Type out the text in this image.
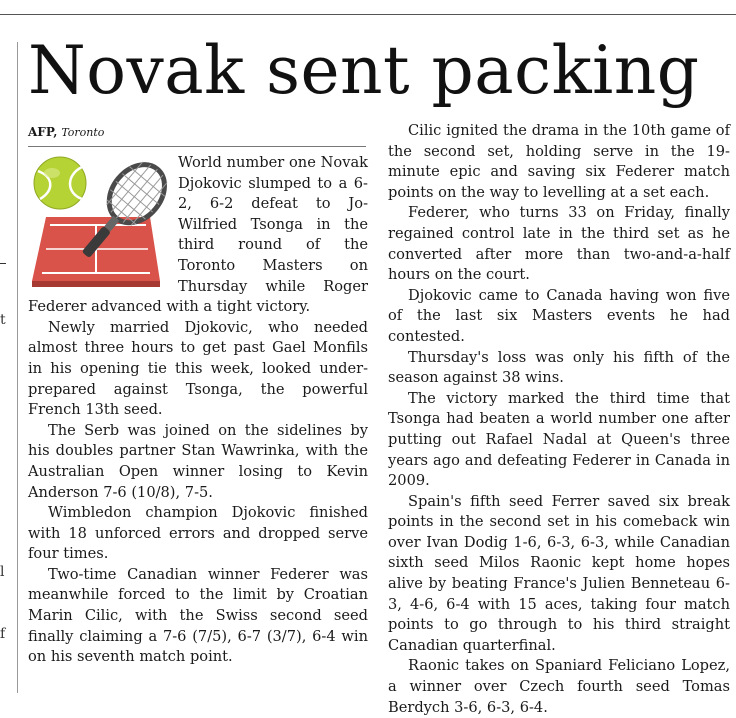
t
l
f
Novak sent packing
AFP, Toronto

World number one Novak Djokovic slumped to a 6-2, 6-2 defeat to Jo-Wilfried Tsonga in the third round of the Toronto Masters on Thursday while Roger Federer advanced with a tight victory.

Newly married Djokovic, who needed almost three hours to get past Gael Monfils in his opening tie this week, looked under-prepared against Tsonga, the powerful French 13th seed.

The Serb was joined on the sidelines by his doubles partner Stan Wawrinka, with the Australian Open winner losing to Kevin Anderson 7-6 (10/8), 7-5.

Wimbledon champion Djokovic finished with 18 unforced errors and dropped serve four times.

Two-time Canadian winner Federer was meanwhile forced to the limit by Croatian Marin Cilic, with the Swiss second seed finally claiming a 7-6 (7/5), 6-7 (3/7), 6-4 win on his seventh match point.

Cilic ignited the drama in the 10th game of the second set, holding serve in the 19-minute epic and saving six Federer match points on the way to levelling at a set each.

Federer, who turns 33 on Friday, finally regained control late in the third set as he converted after more than two-and-a-half hours on the court.

Djokovic came to Canada having won five of the last six Masters events he had contested.

Thursday's loss was only his fifth of the season against 38 wins.

The victory marked the third time that Tsonga had beaten a world number one after putting out Rafael Nadal at Queen's three years ago and defeating Federer in Canada in 2009.

Spain's fifth seed Ferrer saved six break points in the second set in his comeback win over Ivan Dodig 1-6, 6-3, 6-3, while Canadian sixth seed Milos Raonic kept home hopes alive by beating France's Julien Benneteau 6-3, 4-6, 6-4 with 15 aces, taking four match points to go through to his third straight Canadian quarterfinal.

Raonic takes on Spaniard Feliciano Lopez, a winner over Czech fourth seed Tomas Berdych 3-6, 6-3, 6-4.
